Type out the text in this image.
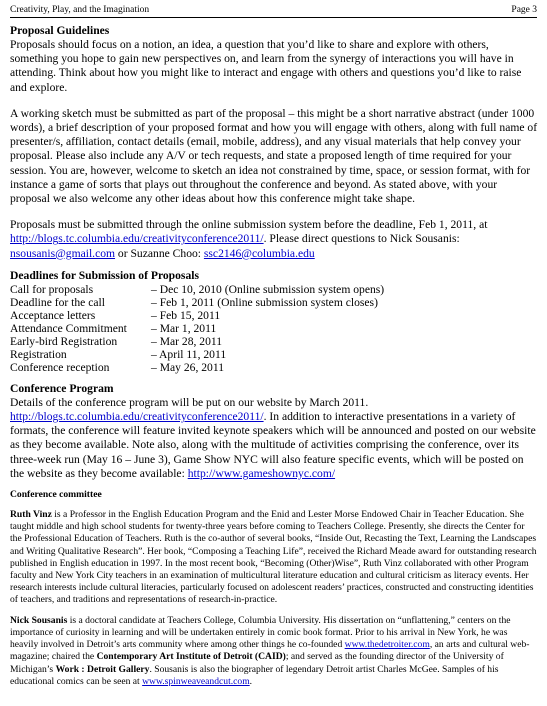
Creativity, Play, and the Imagination	Page 3
Proposal Guidelines

Proposals should focus on a notion, an idea, a question that you’d like to share and explore with others, something you hope to gain new perspectives on, and learn from the synergy of interactions you will have in attending. Think about how you might like to interact and engage with others and questions you’d like to raise and explore.

A working sketch must be submitted as part of the proposal – this might be a short narrative abstract (under 1000 words), a brief description of your proposed format and how you will engage with others, along with full name of presenter/s, affiliation, contact details (email, mobile, address), and any visual materials that help convey your proposal. Please also include any A/V or tech requests, and state a proposed length of time required for your session. You are, however, welcome to sketch an idea not constrained by time, space, or session format, with for instance a game of sorts that plays out throughout the conference and beyond. As stated above, with your proposal we also welcome any other ideas about how this conference might take shape.

Proposals must be submitted through the online submission system before the deadline, Feb 1, 2011, at http://blogs.tc.columbia.edu/creativityconference2011/. Please direct questions to Nick Sousanis: nsousanis@gmail.com or Suzanne Choo: ssc2146@columbia.edu

Deadlines for Submission of Proposals
Call for proposals	– Dec 10, 2010 (Online submission system opens)
Deadline for the call	– Feb 1, 2011 (Online submission system closes)
Acceptance letters	– Feb 15, 2011
Attendance Commitment	– Mar 1, 2011
Early-bird Registration	– Mar 28, 2011
Registration	– April 11, 2011
Conference reception	– May 26, 2011
Conference Program

Details of the conference program will be put on our website by March 2011.
http://blogs.tc.columbia.edu/creativityconference2011/. In addition to interactive presentations in a variety of formats, the conference will feature invited keynote speakers which will be announced and posted on our website as they become available. Note also, along with the multitude of activities comprising the conference, over its three-week run (May 16 – June 3), Game Show NYC will also feature specific events, which will be posted on the website as they become available: http://www.gameshownyc.com/

Conference committee

Ruth Vinz is a Professor in the English Education Program and the Enid and Lester Morse Endowed Chair in Teacher Education. She taught middle and high school students for twenty-three years before coming to Teachers College. Presently, she directs the Center for the Professional Education of Teachers. Ruth is the co-author of several books, “Inside Out, Recasting the Text, Learning the Landscapes and Writing Qualitative Research”. Her book, “Composing a Teaching Life”, received the Richard Meade award for outstanding research published in English education in 1997. In the most recent book, “Becoming (Other)Wise”, Ruth Vinz collaborated with other Program faculty and New York City teachers in an examination of multicultural literature education and cultural criticism as literacy events. Her research interests include cultural literacies, particularly focused on adolescent readers’ practices, constructed and constructing identities of teachers, and traditions and representations of research-in-practice.

Nick Sousanis is a doctoral candidate at Teachers College, Columbia University. His dissertation on “unflattening,” centers on the importance of curiosity in learning and will be undertaken entirely in comic book format. Prior to his arrival in New York, he was heavily involved in Detroit’s arts community where among other things he co-founded www.thedetroiter.com, an arts and cultural web-magazine; chaired the Contemporary Art Institute of Detroit (CAID); and served as the founding director of the University of Michigan’s Work : Detroit Gallery. Sousanis is also the biographer of legendary Detroit artist Charles McGee. Samples of his educational comics can be seen at www.spinweaveandcut.com.
